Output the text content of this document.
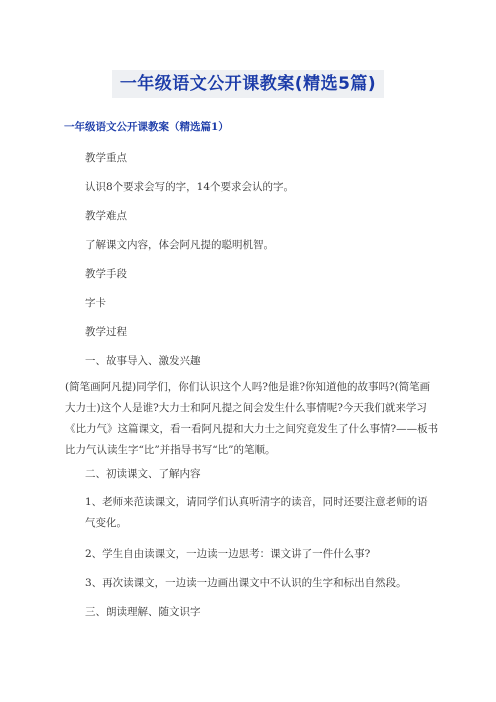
一年级语文公开课教案(精选5篇)
一年级语文公开课教案（精选篇1）
教学重点
认识8个要求会写的字，14个要求会认的字。
教学难点
了解课文内容，体会阿凡提的聪明机智。
教学手段
字卡
教学过程
一、故事导入、激发兴趣
(简笔画阿凡提)同学们，你们认识这个人吗?他是谁?你知道他的故事吗?(简笔画大力士)这个人是谁?大力士和阿凡提之间会发生什么事情呢?今天我们就来学习《比力气》这篇课文，看一看阿凡提和大力士之间究竟发生了什么事情?——板书比力气认读生字“比”并指导书写“比”的笔顺。
二、初读课文、了解内容
1、老师来范读课文，请同学们认真听清字的读音，同时还要注意老师的语气变化。
2、学生自由读课文，一边读一边思考：课文讲了一件什么事?
3、再次读课文，一边读一边画出课文中不认识的生字和标出自然段。
三、朗读理解、随文识字
